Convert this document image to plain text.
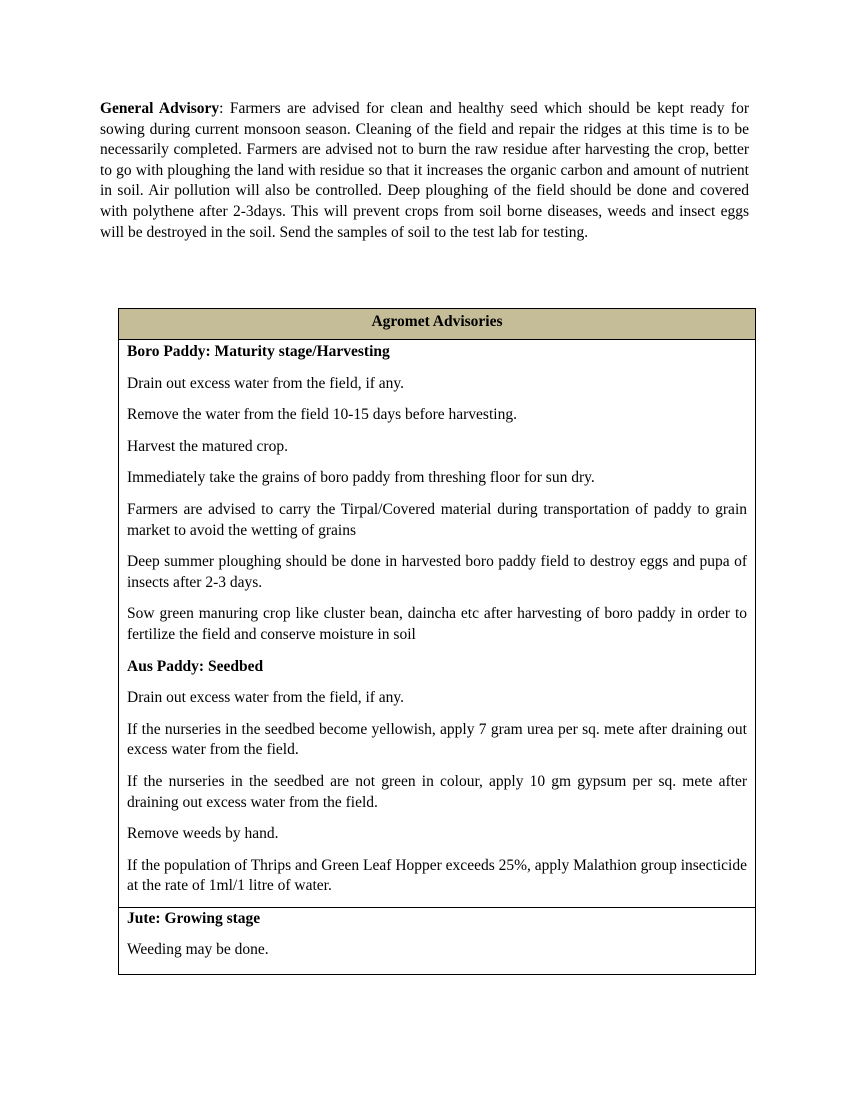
General Advisory: Farmers are advised for clean and healthy seed which should be kept ready for sowing during current monsoon season. Cleaning of the field and repair the ridges at this time is to be necessarily completed. Farmers are advised not to burn the raw residue after harvesting the crop, better to go with ploughing the land with residue so that it increases the organic carbon and amount of nutrient in soil. Air pollution will also be controlled. Deep ploughing of the field should be done and covered with polythene after 2-3days. This will prevent crops from soil borne diseases, weeds and insect eggs will be destroyed in the soil. Send the samples of soil to the test lab for testing.

Agromet Advisories

Boro Paddy: Maturity stage/Harvesting

Drain out excess water from the field, if any.

Remove the water from the field 10-15 days before harvesting.

Harvest the matured crop.

Immediately take the grains of boro paddy from threshing floor for sun dry.

Farmers are advised to carry the Tirpal/Covered material during transportation of paddy to grain market to avoid the wetting of grains

Deep summer ploughing should be done in harvested boro paddy field to destroy eggs and pupa of insects after 2-3 days.

Sow green manuring crop like cluster bean, daincha etc after harvesting of boro paddy in order to fertilize the field and conserve moisture in soil

Aus Paddy: Seedbed

Drain out excess water from the field, if any.

If the nurseries in the seedbed become yellowish, apply 7 gram urea per sq. mete after draining out excess water from the field.

If the nurseries in the seedbed are not green in colour, apply 10 gm gypsum per sq. mete after draining out excess water from the field.

Remove weeds by hand.

If the population of Thrips and Green Leaf Hopper exceeds 25%, apply Malathion group insecticide at the rate of 1ml/1 litre of water.

Jute: Growing stage

Weeding may be done.
